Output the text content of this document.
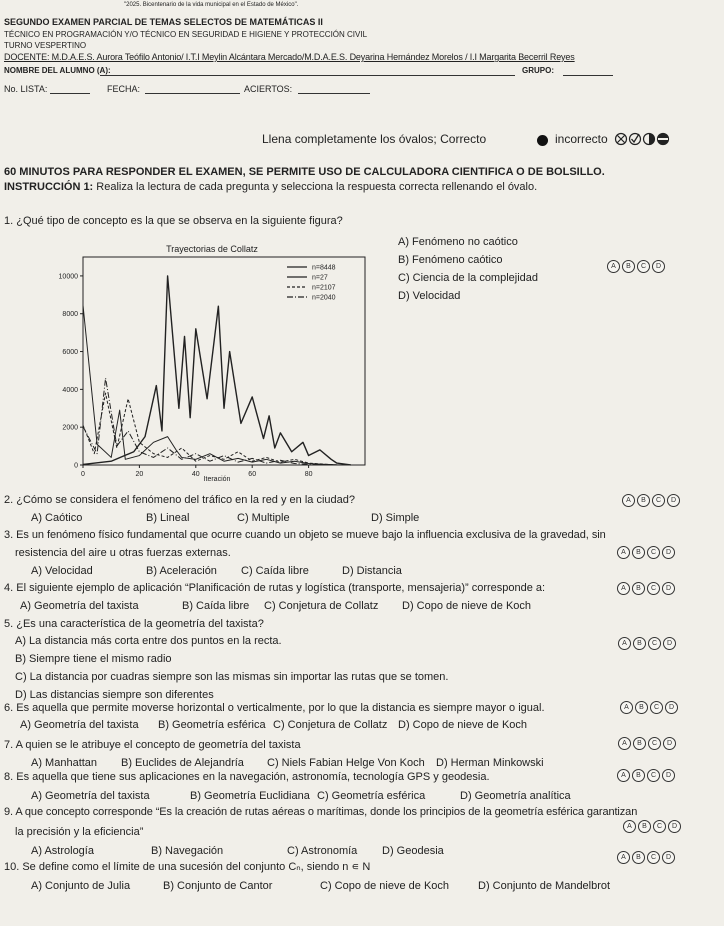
"2025. Bicentenario de la vida municipal en el Estado de México".
SEGUNDO EXAMEN PARCIAL DE TEMAS SELECTOS DE MATEMÁTICAS II
TÉCNICO EN PROGRAMACIÓN Y/O TÉCNICO EN SEGURIDAD E HIGIENE Y PROTECCIÓN CIVIL
TURNO VESPERTINO
DOCENTE: M.D.A.E.S. Aurora Teófilo Antonio/ I.T.I Meylin Alcántara Mercado/M.D.A.E.S. Deyarina Hernández Morelos / I.I Margarita Becerril Reyes
NOMBRE DEL ALUMNO (A):	GRUPO:
No. LISTA:	FECHA:	ACIERTOS:
Llena completamente los óvalos; Correcto	incorrecto
60 MINUTOS PARA RESPONDER EL EXAMEN, SE PERMITE USO DE CALCULADORA CIENTIFICA O DE BOLSILLO.
INSTRUCCIÓN 1: Realiza la lectura de cada pregunta y selecciona la respuesta correcta rellenando el óvalo.
1. ¿Qué tipo de concepto es la que se observa en la siguiente figura?
Trayectorias de Collatz
Iteración
0
2000
4000
6000
8000
10000
0	20	40	60	80
n=8448
n=27
n=2107
n=2040
A) Fenómeno no caótico
B) Fenómeno caótico
C) Ciencia de la complejidad
D) Velocidad
A	B	C	D
2. ¿Cómo se considera el fenómeno del tráfico en la red y en la ciudad?	A	B	C	D
A) Caótico	B) Lineal	C) Multiple	D) Simple
3. Es un fenómeno físico fundamental que ocurre cuando un objeto se mueve bajo la influencia exclusiva de la gravedad, sin
resistencia del aire u otras fuerzas externas.	A	B	C	D
A) Velocidad	B) Aceleración C) Caída libre	D) Distancia
4. El siguiente ejemplo de aplicación “Planificación de rutas y logística (transporte, mensajeria)” corresponde a:	A	B	C	D
A) Geometría del taxista	B) Caída libre C) Conjetura de Collatz D) Copo de nieve de Koch
5. ¿Es una característica de la geometría del taxista?
A	B	C	D
A) La distancia más corta entre dos puntos en la recta.
B) Siempre tiene el mismo radio
C) La distancia por cuadras siempre son las mismas sin importar las rutas que se tomen.
D) Las distancias siempre son diferentes
6. Es aquella que permite moverse horizontal o verticalmente, por lo que la distancia es siempre mayor o igual.	A	B	C	D
A) Geometría del taxista B) Geometría esférica C) Conjetura de Collatz D) Copo de nieve de Koch
7. A quien se le atribuye el concepto de geometría del taxista	A	B	C	D
A) Manhattan B) Euclides de Alejandría C) Niels Fabian Helge Von Koch D) Herman Minkowski
8. Es aquella que tiene sus aplicaciones en la navegación, astronomía, tecnología GPS y geodesia.	A	B	C	D
A) Geometría del taxista	B) Geometría Euclidiana C) Geometría esférica	D) Geometría analítica
9. A que concepto corresponde “Es la creación de rutas aéreas o marítimas, donde los principios de la geometría esférica garantizan
A	B	C	D
la precisión y la eficiencia”
A) Astrología	B) Navegación	C) Astronomía D) Geodesia
A	B	C	D
10. Se define como el límite de una sucesión del conjunto Cₙ, siendo n ∊ N
A) Conjunto de Julia	B) Conjunto de Cantor	C) Copo de nieve de Koch	D) Conjunto de Mandelbrot
